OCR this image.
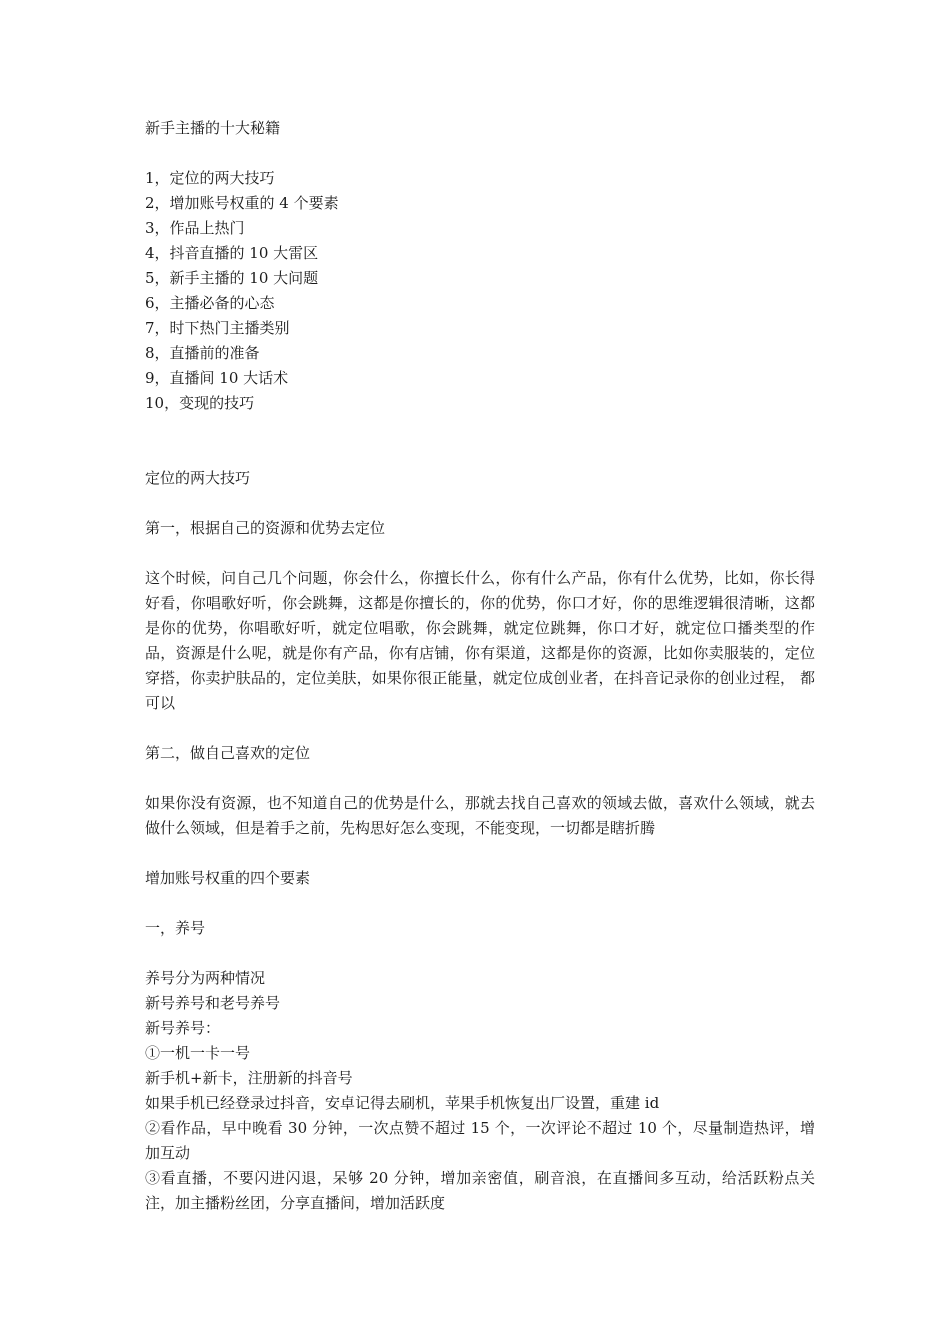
新手主播的十大秘籍

1，定位的两大技巧

2，增加账号权重的 4 个要素

3，作品上热门

4，抖音直播的 10 大雷区

5，新手主播的 10 大问题

6，主播必备的心态

7，时下热门主播类别

8，直播前的准备

9，直播间 10 大话术

10，变现的技巧

定位的两大技巧

第一，根据自己的资源和优势去定位

这个时候，问自己几个问题，你会什么，你擅长什么，你有什么产品，你有什么优势，比如，你长得好看，你唱歌好听，你会跳舞，这都是你擅长的，你的优势，你口才好，你的思维逻辑很清晰，这都是你的优势，你唱歌好听，就定位唱歌，你会跳舞，就定位跳舞，你口才好，就定位口播类型的作品，资源是什么呢，就是你有产品，你有店铺，你有渠道，这都是你的资源，比如你卖服装的，定位穿搭，你卖护肤品的，定位美肤，如果你很正能量，就定位成创业者，在抖音记录你的创业过程， 都可以

第二，做自己喜欢的定位

如果你没有资源，也不知道自己的优势是什么，那就去找自己喜欢的领域去做，喜欢什么领域，就去做什么领域，但是着手之前，先构思好怎么变现，不能变现，一切都是瞎折腾

增加账号权重的四个要素

一，养号

养号分为两种情况

新号养号和老号养号

新号养号：

①一机一卡一号

新手机+新卡，注册新的抖音号

如果手机已经登录过抖音，安卓记得去刷机，苹果手机恢复出厂设置，重建 id

②看作品，早中晚看 30 分钟，一次点赞不超过 15 个，一次评论不超过 10 个，尽量制造热评，增加互动

③看直播，不要闪进闪退，呆够 20 分钟，增加亲密值，刷音浪，在直播间多互动，给活跃粉点关注，加主播粉丝团，分享直播间，增加活跃度
